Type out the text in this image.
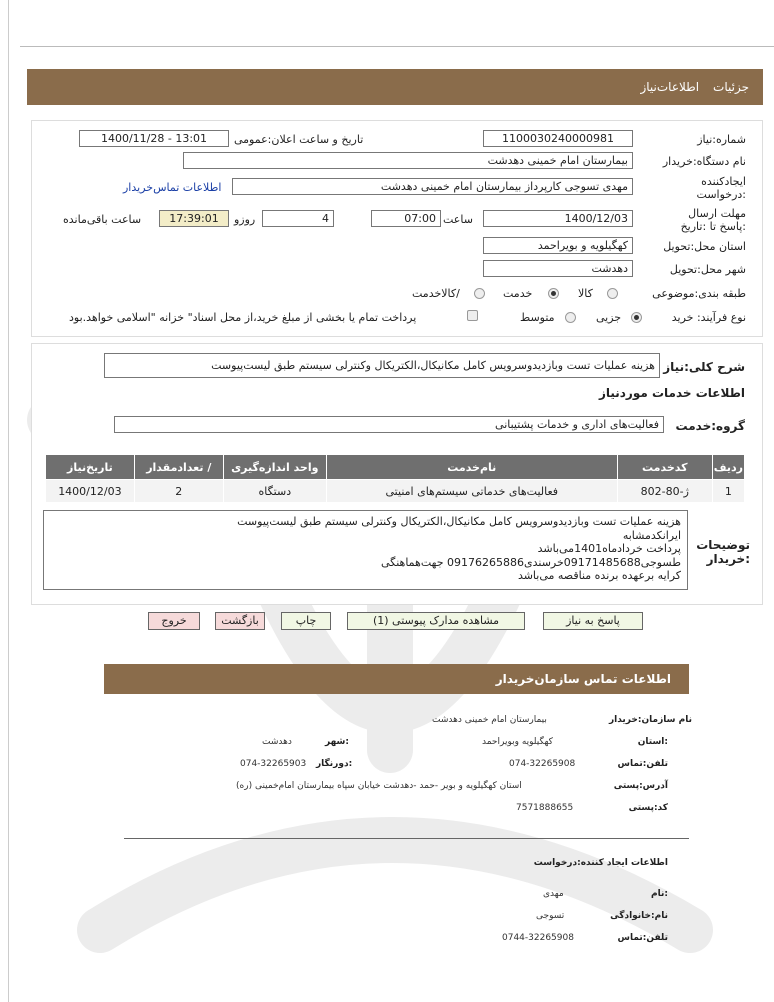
جزئیات
اطلاعات‌نیاز
شماره:نیاز
1100030240000981
تاریخ و ساعت اعلان:عمومی
1400/11/28 - 13:01
نام دستگاه:خریدار
بیمارستان امام خمینی دهدشت
ایجادکننده :درخواست
مهدی تسوجی کارپرداز بیمارستان امام خمینی دهدشت
اطلاعات تماس‌خریدار
مهلت ارسال :پاسخ تا :تاریخ
1400/12/03
ساعت
07:00
4
روزو
17:39:01
ساعت باقی‌مانده
استان محل:تحویل
کهگیلویه و بویراحمد
شهر محل:تحویل
دهدشت
طبقه بندی:موضوعی
کالا
خدمت
/کالاخدمت
نوع فرآیند: خرید
جزیی
متوسط
پرداخت تمام یا بخشی از مبلغ خرید،از محل اسناد" خزانه "اسلامی خواهد.بود
شرح کلی:نیاز
هزینه عملیات تست وبازدیدوسرویس کامل مکانیکال،الکتریکال وکنترلی سیستم طبق لیست‌پیوست
اطلاعات خدمات موردنیاز
گروه:خدمت
فعالیت‌های اداری و خدمات پشتیبانی
ردیف	کدخدمت	نام‌خدمت	واحد اندازه‌گیری	/ تعدادمقدار	تاریخ‌نیاز
1	ژ-80-802	فعالیت‌های خدماتی سیستم‌های امنیتی	دستگاه	2	1400/12/03
توضیحات :خریدار
هزینه عملیات تست وبازدیدوسرویس کامل مکانیکال،الکتریکال وکنترلی سیستم طبق لیست‌پیوست
ایرانکدمشابه
پرداخت خردادماه1401می‌باشد
طسوجی09171485688خرسندی09176265886 جهت‌هماهنگی
کرایه برعهده برنده مناقصه می‌باشد
پاسخ به نیاز
مشاهده مدارک پیوستی (1)
چاپ
بازگشت
خروج
اطلاعات تماس سازمان‌خریدار
نام سازمان:خریدار
بیمارستان امام خمینی دهدشت
:استان
کهگیلویه وبویراحمد
:شهر
دهدشت
تلفن:تماس
074-32265908
:دورنگار
074-32265903
آدرس:پستی
استان کهگیلویه و بویر -حمد -دهدشت خیابان سپاه بیمارستان امام‌خمینی (ره)
کد:پستی
7571888655
اطلاعات ایجاد کننده:درخواست
:نام
مهدی
نام:خانوادگی
تسوجی
تلفن:تماس
0744-32265908
